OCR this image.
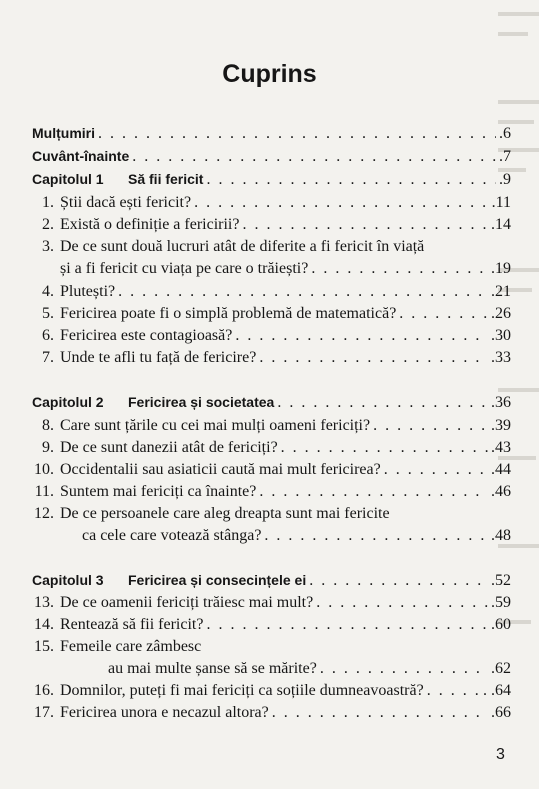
Cuprins
Mulțumiri . . .	.6
Cuvânt-înainte . . .	.7
Capitolul 1	Să fii fericit . . .	.9
1. Știi dacă ești fericit? . . .	.11
2. Există o definiție a fericirii? . . .	.14
3. De ce sunt două lucruri atât de diferite a fi fericit în viață
și a fi fericit cu viața pe care o trăiești? . . .	.19
4. Plutești? . . .	.21
5. Fericirea poate fi o simplă problemă de matematică? . . .	.26
6. Fericirea este contagioasă? . . .	.30
7. Unde te afli tu față de fericire? . . .	.33
Capitolul 2	Fericirea și societatea . . .	.36
8. Care sunt țările cu cei mai mulți oameni fericiți? . . .	.39
9. De ce sunt danezii atât de fericiți? . . .	.43
10. Occidentalii sau asiaticii caută mai mult fericirea? . . .	.44
11. Suntem mai fericiți ca înainte? . . .	.46
12. De ce persoanele care aleg dreapta sunt mai fericite
ca cele care votează stânga? . . .	.48
Capitolul 3	Fericirea și consecințele ei . . .	.52
13. De ce oamenii fericiți trăiesc mai mult? . . .	.59
14. Rentează să fii fericit? . . .	.60
15. Femeile care zâmbesc
au mai multe șanse să se mărite? . . .	.62
16. Domnilor, puteți fi mai fericiți ca soțiile dumneavoastră? . . .	. .64
17. Fericirea unora e necazul altora? . . .	.66
3
